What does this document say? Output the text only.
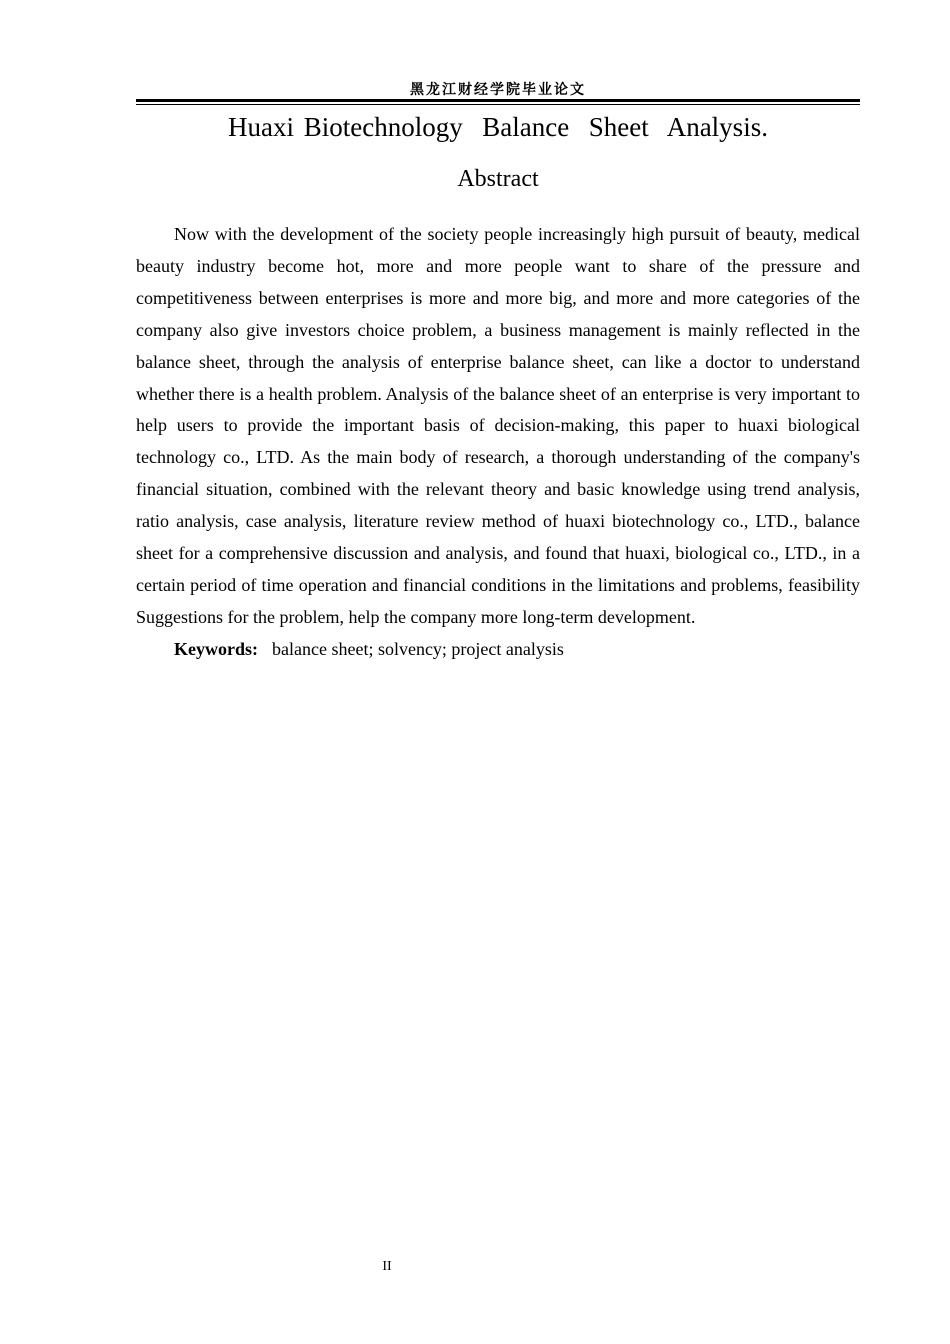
黑龙江财经学院毕业论文
Huaxi Biotechnology  Balance  Sheet  Analysis.
Abstract

Now with the development of the society people increasingly high pursuit of beauty, medical beauty industry become hot, more and more people want to share of the pressure and competitiveness between enterprises is more and more big, and more and more categories of the company also give investors choice problem, a business management is mainly reflected in the balance sheet, through the analysis of enterprise balance sheet, can like a doctor to understand whether there is a health problem. Analysis of the balance sheet of an enterprise is very important to help users to provide the important basis of decision-making, this paper to huaxi biological technology co., LTD. As the main body of research, a thorough understanding of the company's financial situation, combined with the relevant theory and basic knowledge using trend analysis, ratio analysis, case analysis, literature review method of huaxi biotechnology co., LTD., balance sheet for a comprehensive discussion and analysis, and found that huaxi, biological co., LTD., in a certain period of time operation and financial conditions in the limitations and problems, feasibility Suggestions for the problem, help the company more long-term development.

Keywords: balance sheet; solvency; project analysis
II
